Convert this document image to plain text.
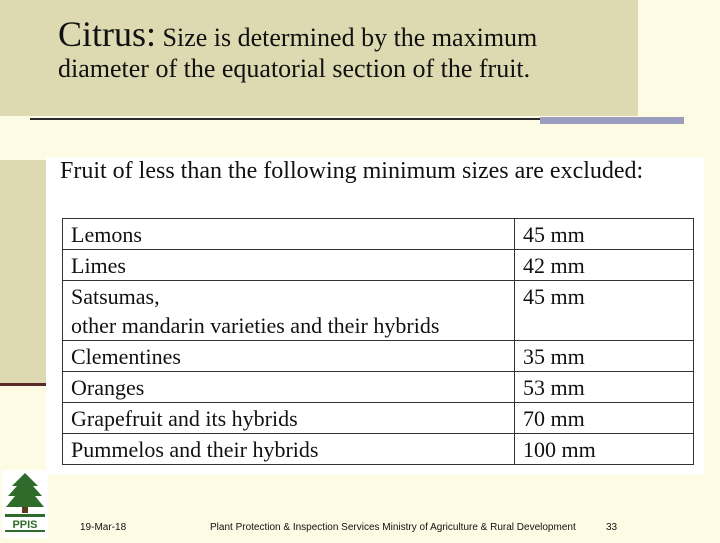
Citrus: Size is determined by the maximum diameter of the equatorial section of the fruit.

Fruit of less than the following minimum sizes are excluded:

Lemons	45 mm
Limes	42 mm
Satsumas,
other mandarin varieties and their hybrids	45 mm
Clementines	35 mm
Oranges	53 mm
Grapefruit and its hybrids	70 mm
Pummelos and their hybrids	100 mm
PPIS	19-Mar-18	Plant Protection & Inspection Services Ministry of Agriculture & Rural Development	33
